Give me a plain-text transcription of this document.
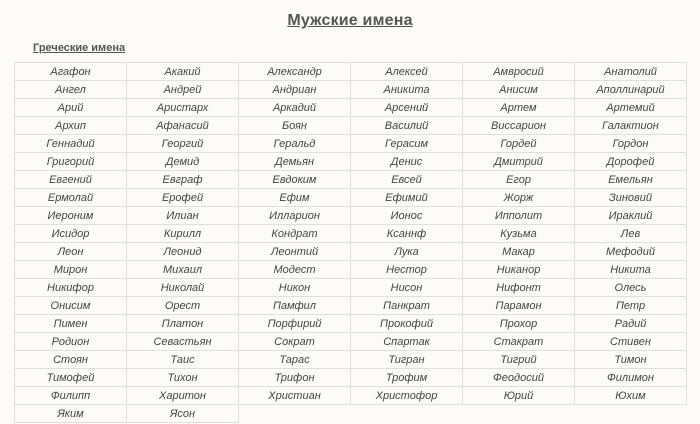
Мужские имена
Греческие имена
Агафон	Акакий	Александр	Алексей	Амвросий	Анатолий
Ангел	Андрей	Андриан	Аникита	Анисим	Аполлинарий
Арий	Аристарх	Аркадий	Арсений	Артем	Артемий
Архип	Афанасий	Боян	Василий	Виссарион	Галактион
Геннадий	Георгий	Геральд	Герасим	Гордей	Гордон
Григорий	Демид	Демьян	Денис	Дмитрий	Дорофей
Евгений	Евграф	Евдоким	Евсей	Егор	Емельян
Ермолай	Ерофей	Ефим	Ефимий	Жорж	Зиновий
Иероним	Илиан	Илларион	Ионос	Ипполит	Ираклий
Исидор	Кирилл	Кондрат	Ксаннф	Кузьма	Лев
Леон	Леонид	Леонтий	Лука	Макар	Мефодий
Мирон	Михаил	Модест	Нестор	Никанор	Никита
Никифор	Николай	Никон	Нисон	Нифонт	Олесь
Онисим	Орест	Памфил	Панкрат	Парамон	Петр
Пимен	Платон	Порфирий	Прокофий	Прохор	Радий
Родион	Севастьян	Сократ	Спартак	Стакрат	Стивен
Стоян	Таис	Тарас	Тигран	Тигрий	Тимон
Тимофей	Тихон	Трифон	Трофим	Феодосий	Филимон
Филипп	Харитон	Христиан	Христофор	Юрий	Юхим
Яким	Ясон				
